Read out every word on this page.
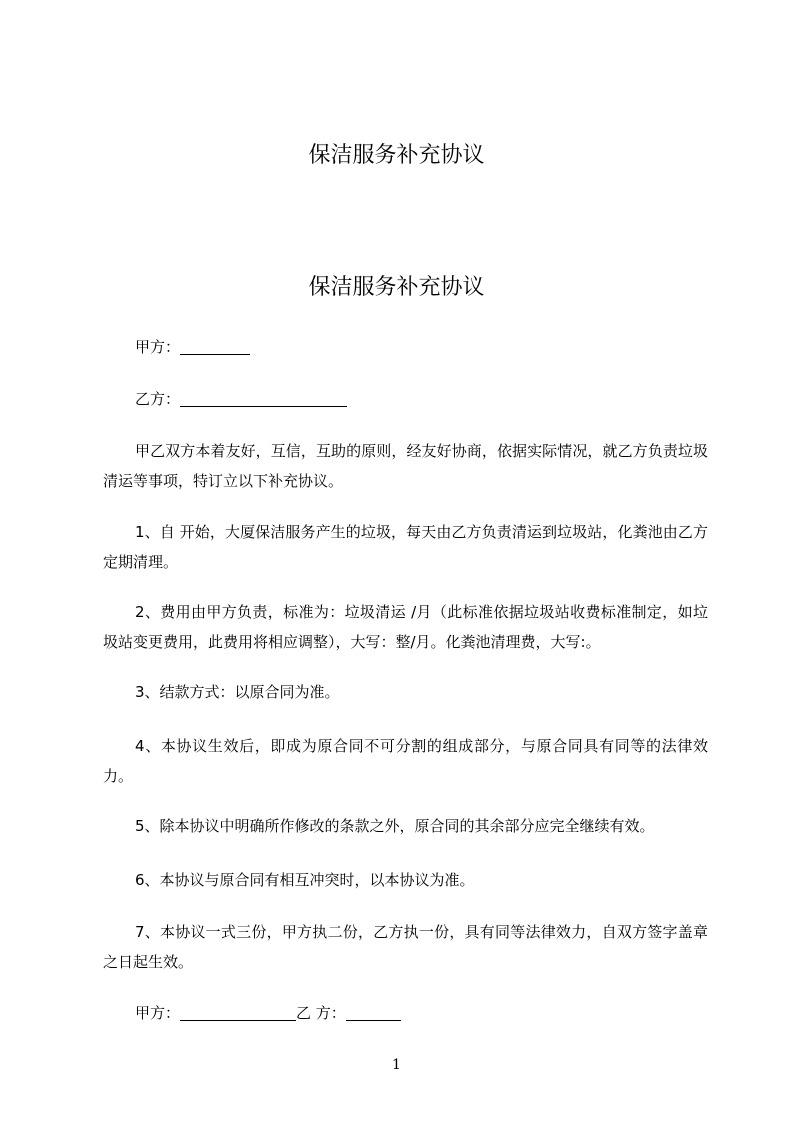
保洁服务补充协议
保洁服务补充协议
甲方：
乙方：

甲乙双方本着友好，互信，互助的原则，经友好协商，依据实际情况，就乙方负责垃圾清运等事项，特订立以下补充协议。

1、自 开始，大厦保洁服务产生的垃圾，每天由乙方负责清运到垃圾站，化粪池由乙方定期清理。

2、费用由甲方负责，标准为：垃圾清运 /月（此标准依据垃圾站收费标准制定，如垃圾站变更费用，此费用将相应调整），大写：整/月。化粪池清理费，大写:。

3、结款方式：以原合同为准。

4、本协议生效后，即成为原合同不可分割的组成部分，与原合同具有同等的法律效力。

5、除本协议中明确所作修改的条款之外，原合同的其余部分应完全继续有效。

6、本协议与原合同有相互冲突时，以本协议为准。

7、本协议一式三份，甲方执二份，乙方执一份，具有同等法律效力，自双方签字盖章之日起生效。

甲方：	乙 方：
1
